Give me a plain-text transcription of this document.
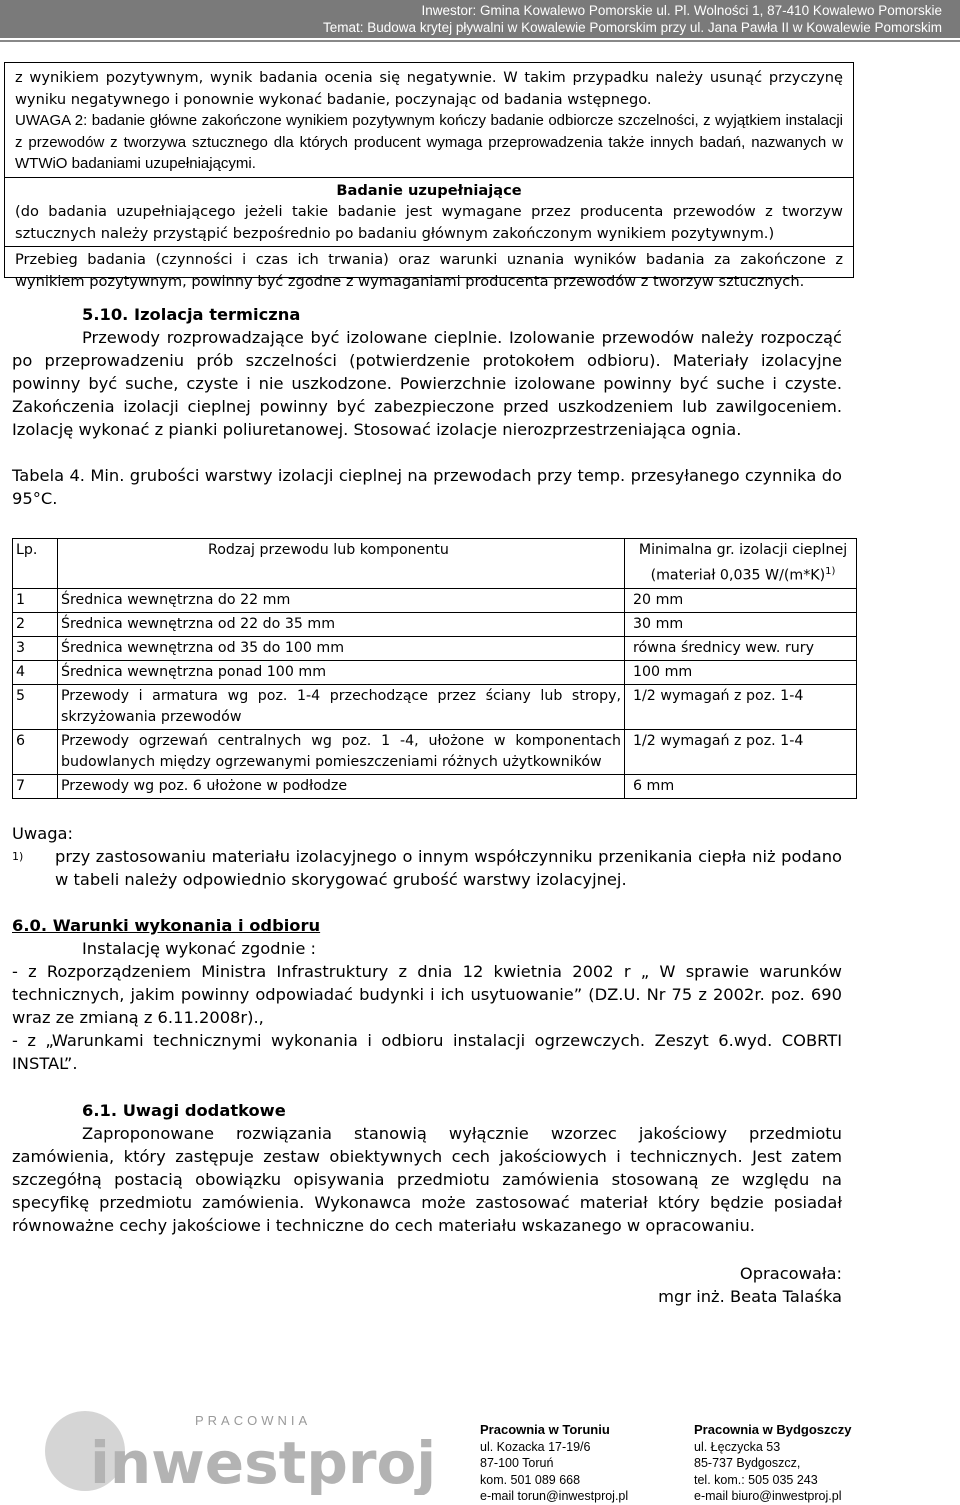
Inwestor: Gmina Kowalewo Pomorskie ul. Pl. Wolności 1, 87-410 Kowalewo Pomorskie
Temat: Budowa krytej pływalni w Kowalewie Pomorskim przy ul. Jana Pawła II w Kowalewie Pomorskim

z wynikiem pozytywnym, wynik badania ocenia się negatywnie. W takim przypadku należy usunąć przyczynę wyniku negatywnego i ponownie wykonać badanie, poczynając od badania wstępnego.

UWAGA 2: badanie główne zakończone wynikiem pozytywnym kończy badanie odbiorcze szczelności, z wyjątkiem instalacji z przewodów z tworzywa sztucznego dla których producent wymaga przeprowadzenia także innych badań, nazwanych w WTWiO badaniami uzupełniającymi.

Badanie uzupełniające

(do badania uzupełniającego jeżeli takie badanie jest wymagane przez producenta przewodów z tworzyw sztucznych należy przystąpić bezpośrednio po badaniu głównym zakończonym wynikiem pozytywnym.)

Przebieg badania (czynności i czas ich trwania) oraz warunki uznania wyników badania za zakończone z wynikiem pozytywnym, powinny być zgodne z wymaganiami producenta przewodów z tworzyw sztucznych.

5.10. Izolacja termiczna

Przewody rozprowadzające być izolowane cieplnie. Izolowanie przewodów należy rozpocząć po przeprowadzeniu prób szczelności (potwierdzenie protokołem odbioru). Materiały izolacyjne powinny być suche, czyste i nie uszkodzone. Powierzchnie izolowane powinny być suche i czyste. Zakończenia izolacji cieplnej powinny być zabezpieczone przed uszkodzeniem lub zawilgoceniem. Izolację wykonać z pianki poliuretanowej. Stosować izolacje nierozprzestrzeniająca ognia.

Tabela 4. Min. grubości warstwy izolacji cieplnej na przewodach przy temp. przesyłanego czynnika do 95°C.

Lp.	Rodzaj przewodu lub komponentu	Minimalna gr. izolacji cieplnej (materiał 0,035 $W/(m*K)^{1)}$
1	Średnica wewnętrzna do 22 mm	20 mm
2	Średnica wewnętrzna od 22 do 35 mm	30 mm
3	Średnica wewnętrzna od 35 do 100 mm	równa średnicy wew. rury
4	Średnica wewnętrzna ponad 100 mm	100 mm
5	Przewody i armatura wg poz. 1-4 przechodzące przez ściany lub stropy, skrzyżowania przewodów	1/2 wymagań z poz. 1-4
6	Przewody ogrzewań centralnych wg poz. 1 -4, ułożone w komponentach budowlanych między ogrzewanymi pomieszczeniami różnych użytkowników	1/2 wymagań z poz. 1-4
7	Przewody wg poz. 6 ułożone w podłodze	6 mm

Uwaga:

1)	przy zastosowaniu materiału izolacyjnego o innym współczynniku przenikania ciepła niż podano w tabeli należy odpowiednio skorygować grubość warstwy izolacyjnej.

6.0. Warunki wykonania i odbioru

Instalację wykonać zgodnie :

- z Rozporządzeniem Ministra Infrastruktury z dnia 12 kwietnia 2002 r „ W sprawie warunków technicznych, jakim powinny odpowiadać budynki i ich usytuowanie” (DZ.U. Nr 75 z 2002r. poz. 690 wraz ze zmianą z 6.11.2008r).,

- z „Warunkami technicznymi wykonania i odbioru instalacji ogrzewczych. Zeszyt 6.wyd. COBRTI INSTAL”.

6.1. Uwagi dodatkowe

Zaproponowane rozwiązania stanowią wyłącznie wzorzec jakościowy przedmiotu zamówienia, który zastępuje zestaw obiektywnych cech jakościowych i technicznych. Jest zatem szczegółną postacią obowiązku opisywania przedmiotu zamówienia stosowaną ze względu na specyfikę przedmiotu zamówienia. Wykonawca może zastosować materiał który będzie posiadał równoważne cechy jakościowe i techniczne do cech materiału wskazanego w opracowaniu.

Opracowała:

mgr inż. Beata Talaśka

PRACOWNIA
inwestproj	Pracownia w Toruniu
ul. Kozacka 17-19/6
87-100 Toruń
kom. 501 089 668
e-mail torun@inwestproj.pl
Pracownia w Bydgoszczy
ul. Łęczycka 53
85-737 Bydgoszcz,
tel. kom.: 505 035 243
e-mail biuro@inwestproj.pl
